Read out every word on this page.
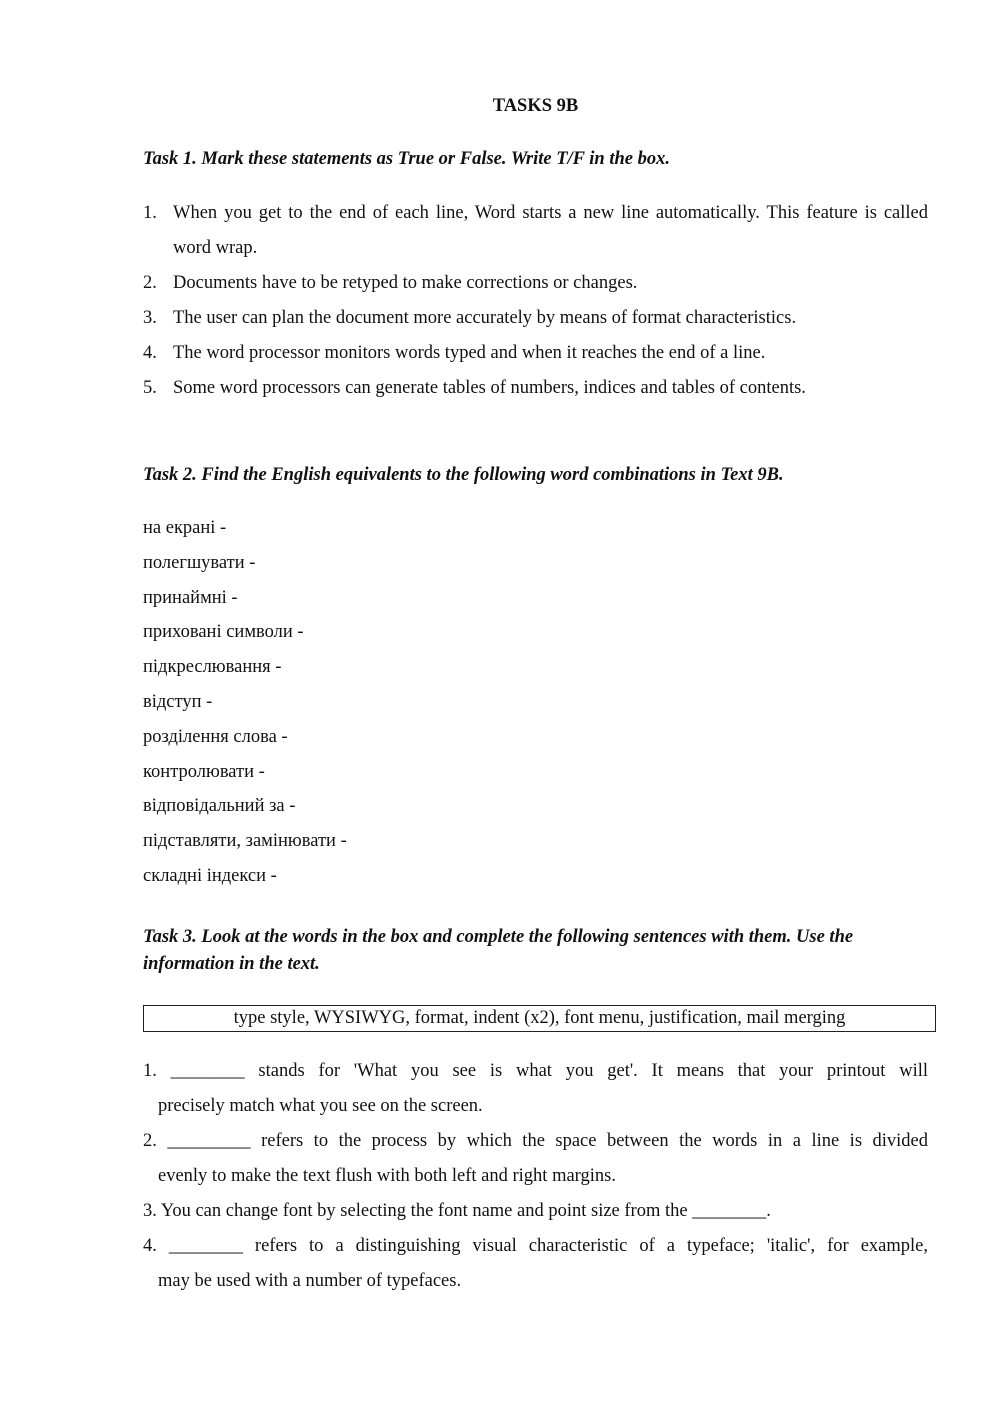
TASKS 9B
Task 1. Mark these statements as True or False. Write T/F in the box.
1. When you get to the end of each line, Word starts a new line automatically. This feature is called word wrap.
2. Documents have to be retyped to make corrections or changes.
3. The user can plan the document more accurately by means of format characteristics.
4. The word processor monitors words typed and when it reaches the end of a line.
5. Some word processors can generate tables of numbers, indices and tables of contents.
Task 2. Find the English equivalents to the following word combinations in Text 9B.
на екрані -
полегшувати -
принаймні -
приховані символи -
підкреслювання -
відступ -
розділення слова -
контролювати -
відповідальний за -
підставляти, замінювати -
складні індекси -
Task 3. Look at the words in the box and complete the following sentences with them. Use the information in the text.
type style, WYSIWYG, format, indent (x2), font menu, justification, mail merging
1. ________ stands for 'What you see is what you get'. It means that your printout will
precisely match what you see on the screen.
2. _________ refers to the process by which the space between the words in a line is divided
evenly to make the text flush with both left and right margins.
3. You can change font by selecting the font name and point size from the ________.
4. ________ refers to a distinguishing visual characteristic of a typeface; 'italic', for example,
may be used with a number of typefaces.
